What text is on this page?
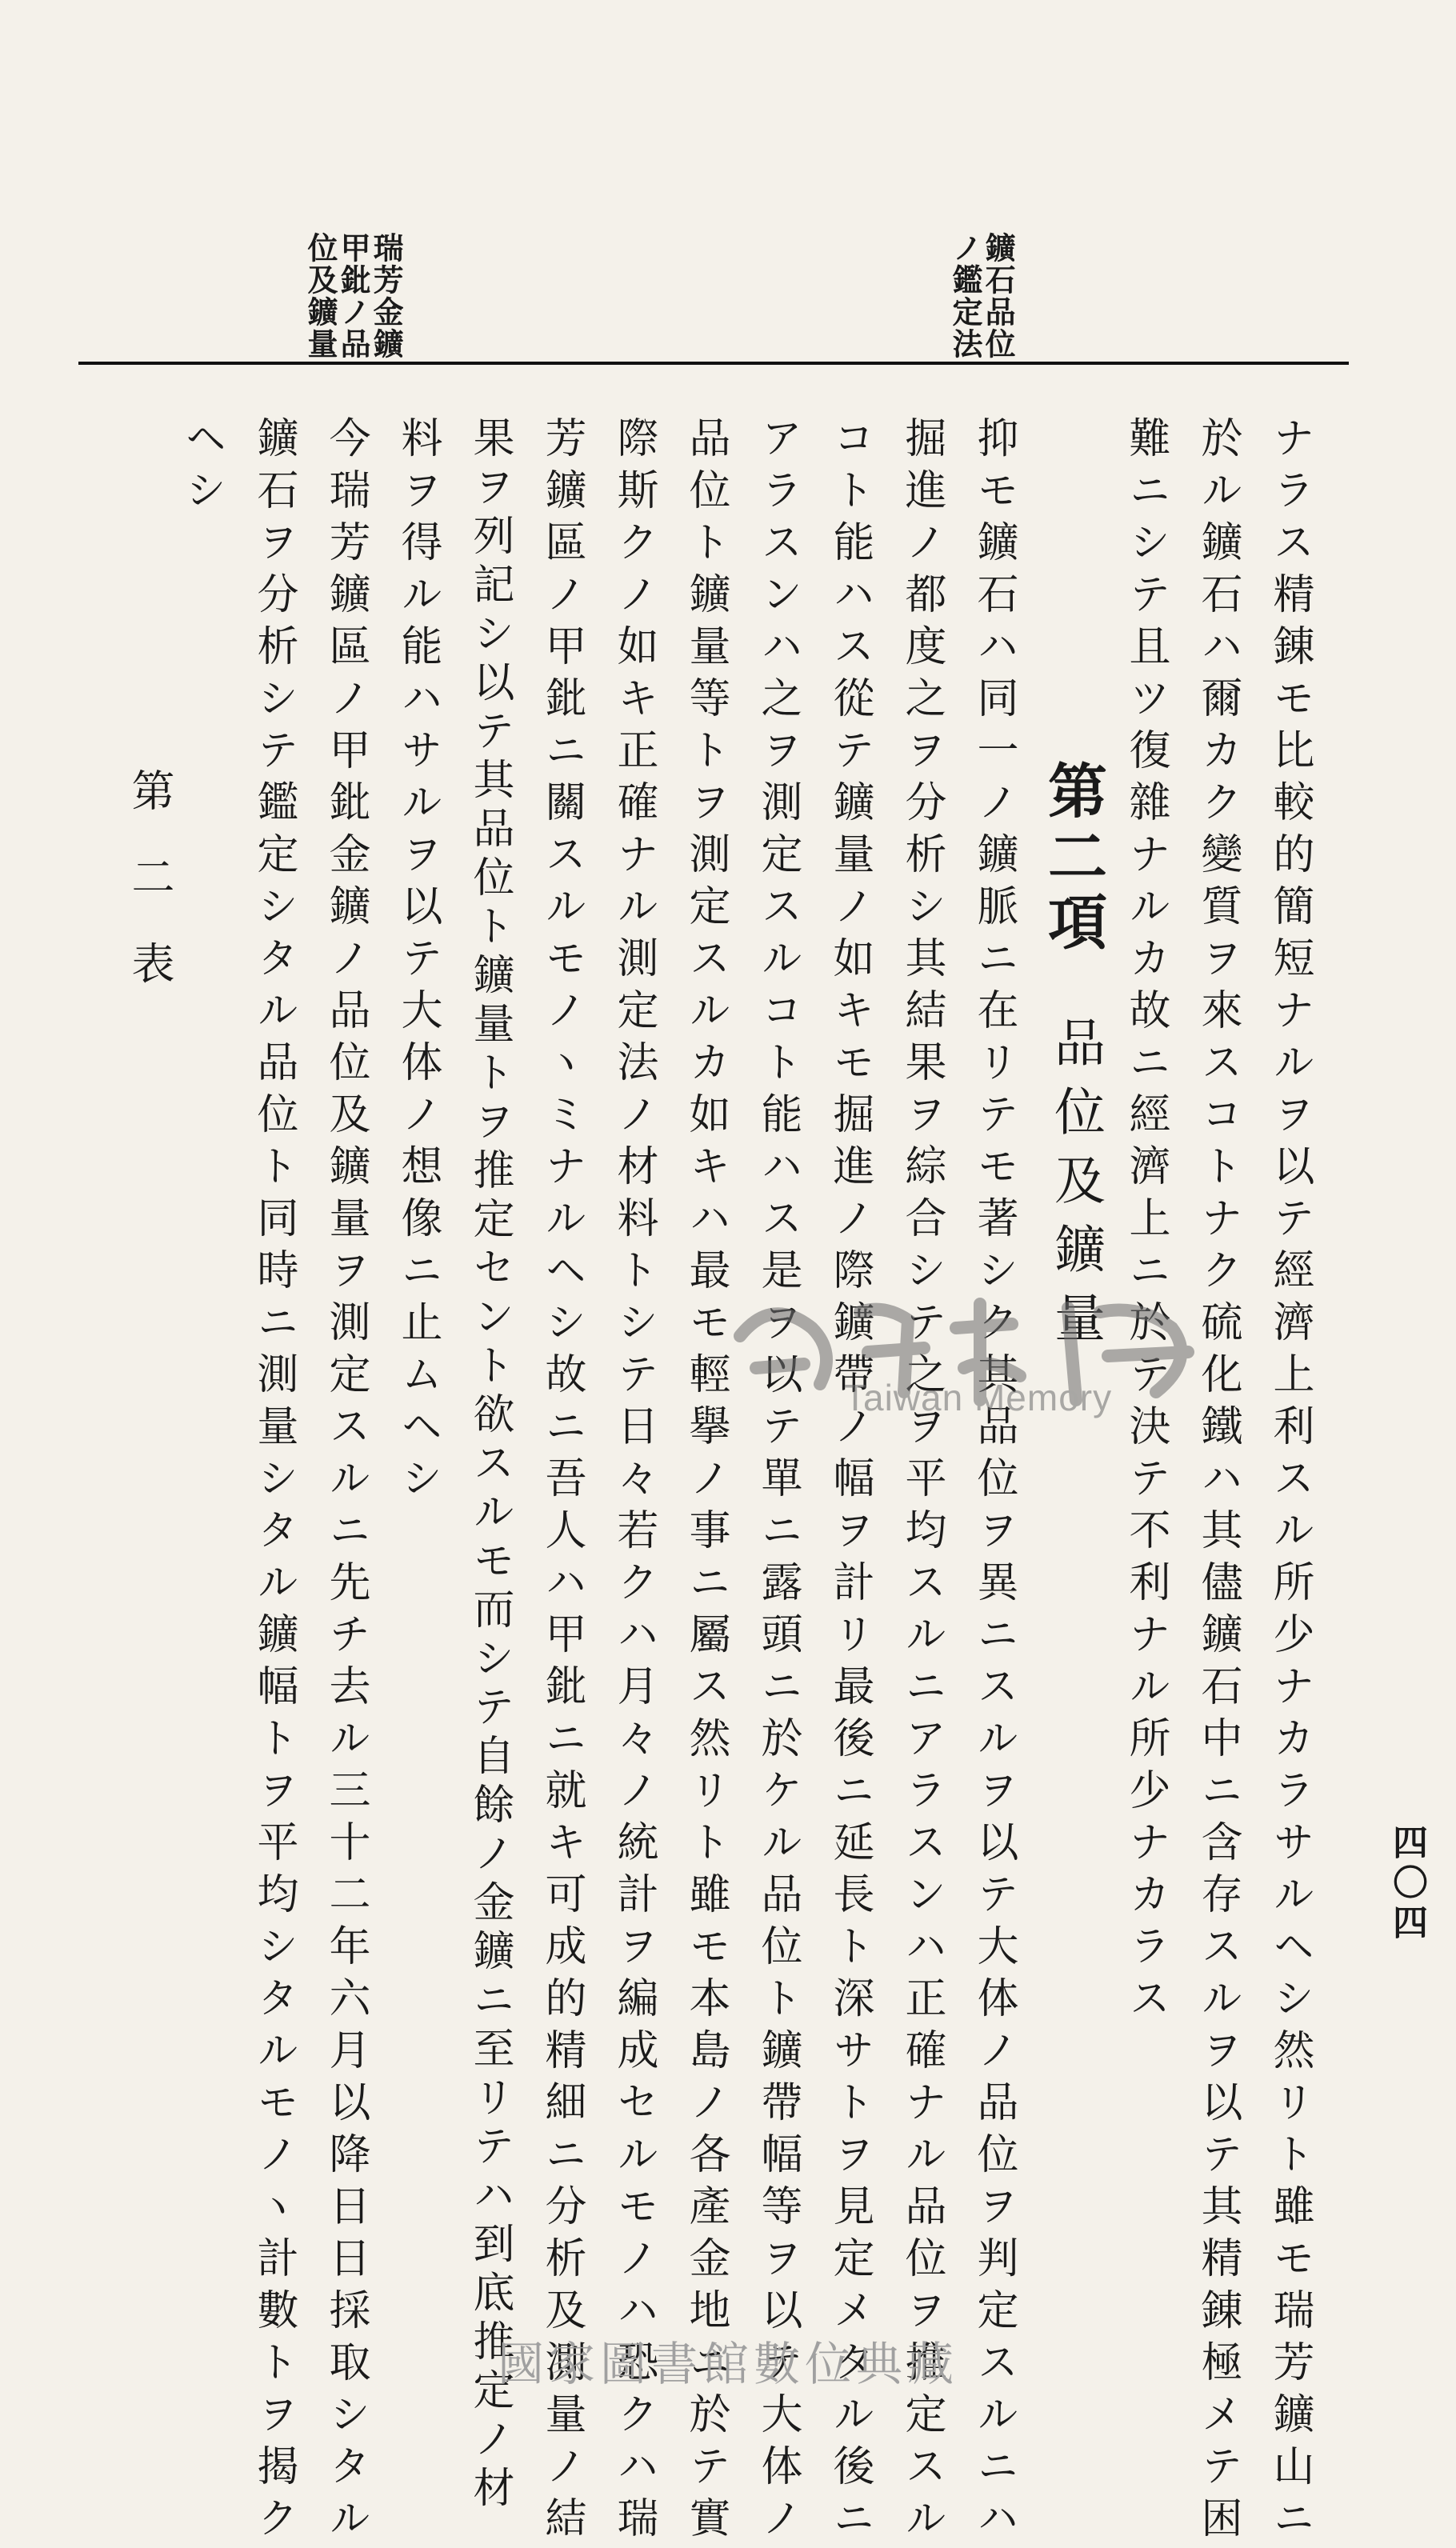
四〇四
鑛石品位
ノ鑑定法
瑞芳金鑛
甲鈚ノ品
位及鑛量
ナラス精錬モ比較的簡短ナルヲ以テ經濟上利スル所少ナカラサルヘシ然リト雖モ瑞芳鑛山ニ
於ル鑛石ハ爾カク變質ヲ來スコトナク硫化鐵ハ其儘鑛石中ニ含存スルヲ以テ其精錬極メテ困
難ニシテ且ツ復雜ナルカ故ニ經濟上ニ於テ決テ不利ナル所少ナカラス
第二項
品位及鑛量
抑モ鑛石ハ同一ノ鑛脈ニ在リテモ著シク其品位ヲ異ニスルヲ以テ大体ノ品位ヲ判定スルニハ
掘進ノ都度之ヲ分析シ其結果ヲ綜合シテ之ヲ平均スルニアラスンハ正確ナル品位ヲ推定スル
コト能ハス從テ鑛量ノ如キモ掘進ノ際鑛帶ノ幅ヲ計リ最後ニ延長ト深サトヲ見定メタル後ニ
アラスンハ之ヲ測定スルコト能ハス是ヲ以テ單ニ露頭ニ於ケル品位ト鑛帶幅等ヲ以テ大体ノ
品位ト鑛量等トヲ測定スルカ如キハ最モ輕擧ノ事ニ屬ス然リト雖モ本島ノ各產金地ニ於テ實
際斯クノ如キ正確ナル測定法ノ材料トシテ日々若クハ月々ノ統計ヲ編成セルモノハ恐クハ瑞
芳鑛區ノ甲鈚ニ關スルモノヽミナルヘシ故ニ吾人ハ甲鈚ニ就キ可成的精細ニ分析及測量ノ結
果ヲ列記シ以テ其品位ト鑛量トヲ推定セント欲スルモ而シテ自餘ノ金鑛ニ至リテハ到底推定ノ材
料ヲ得ル能ハサルヲ以テ大体ノ想像ニ止ムヘシ
今瑞芳鑛區ノ甲鈚金鑛ノ品位及鑛量ヲ測定スルニ先チ去ル三十二年六月以降日日採取シタル
鑛石ヲ分析シテ鑑定シタル品位ト同時ニ測量シタル鑛幅トヲ平均シタルモノヽ計數トヲ揭ク
ヘシ
第　二　表
Taiwan Memory
國家圖書館數位典藏
